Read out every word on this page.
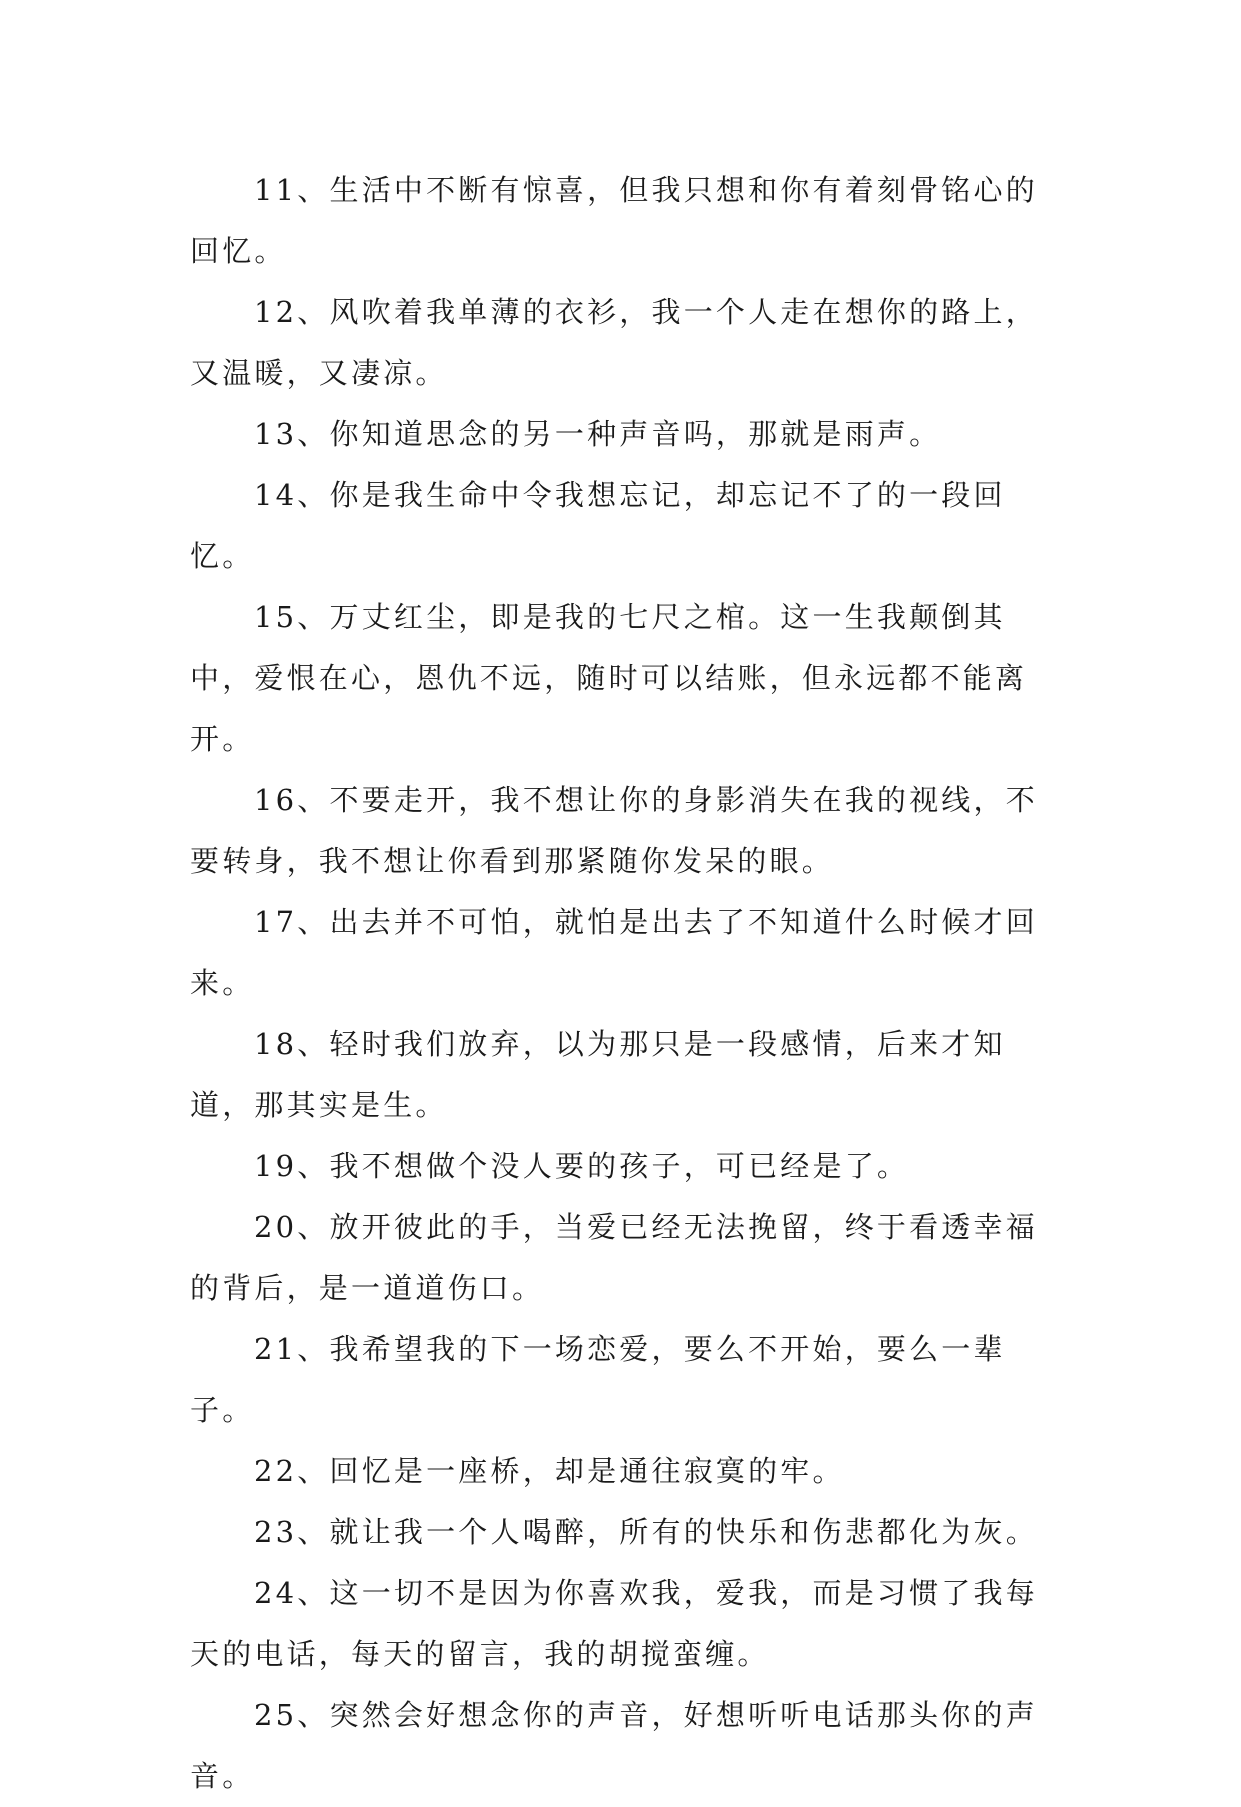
11、生活中不断有惊喜，但我只想和你有着刻骨铭心的回忆。

12、风吹着我单薄的衣衫，我一个人走在想你的路上，又温暖，又凄凉。

13、你知道思念的另一种声音吗，那就是雨声。

14、你是我生命中令我想忘记，却忘记不了的一段回忆。

15、万丈红尘，即是我的七尺之棺。这一生我颠倒其中，爱恨在心，恩仇不远，随时可以结账，但永远都不能离开。

16、不要走开，我不想让你的身影消失在我的视线，不要转身，我不想让你看到那紧随你发呆的眼。

17、出去并不可怕，就怕是出去了不知道什么时候才回来。

18、轻时我们放弃，以为那只是一段感情，后来才知道，那其实是生。

19、我不想做个没人要的孩子，可已经是了。

20、放开彼此的手，当爱已经无法挽留，终于看透幸福的背后，是一道道伤口。

21、我希望我的下一场恋爱，要么不开始，要么一辈子。

22、回忆是一座桥，却是通往寂寞的牢。

23、就让我一个人喝醉，所有的快乐和伤悲都化为灰。

24、这一切不是因为你喜欢我，爱我，而是习惯了我每天的电话，每天的留言，我的胡搅蛮缠。

25、突然会好想念你的声音，好想听听电话那头你的声音。
